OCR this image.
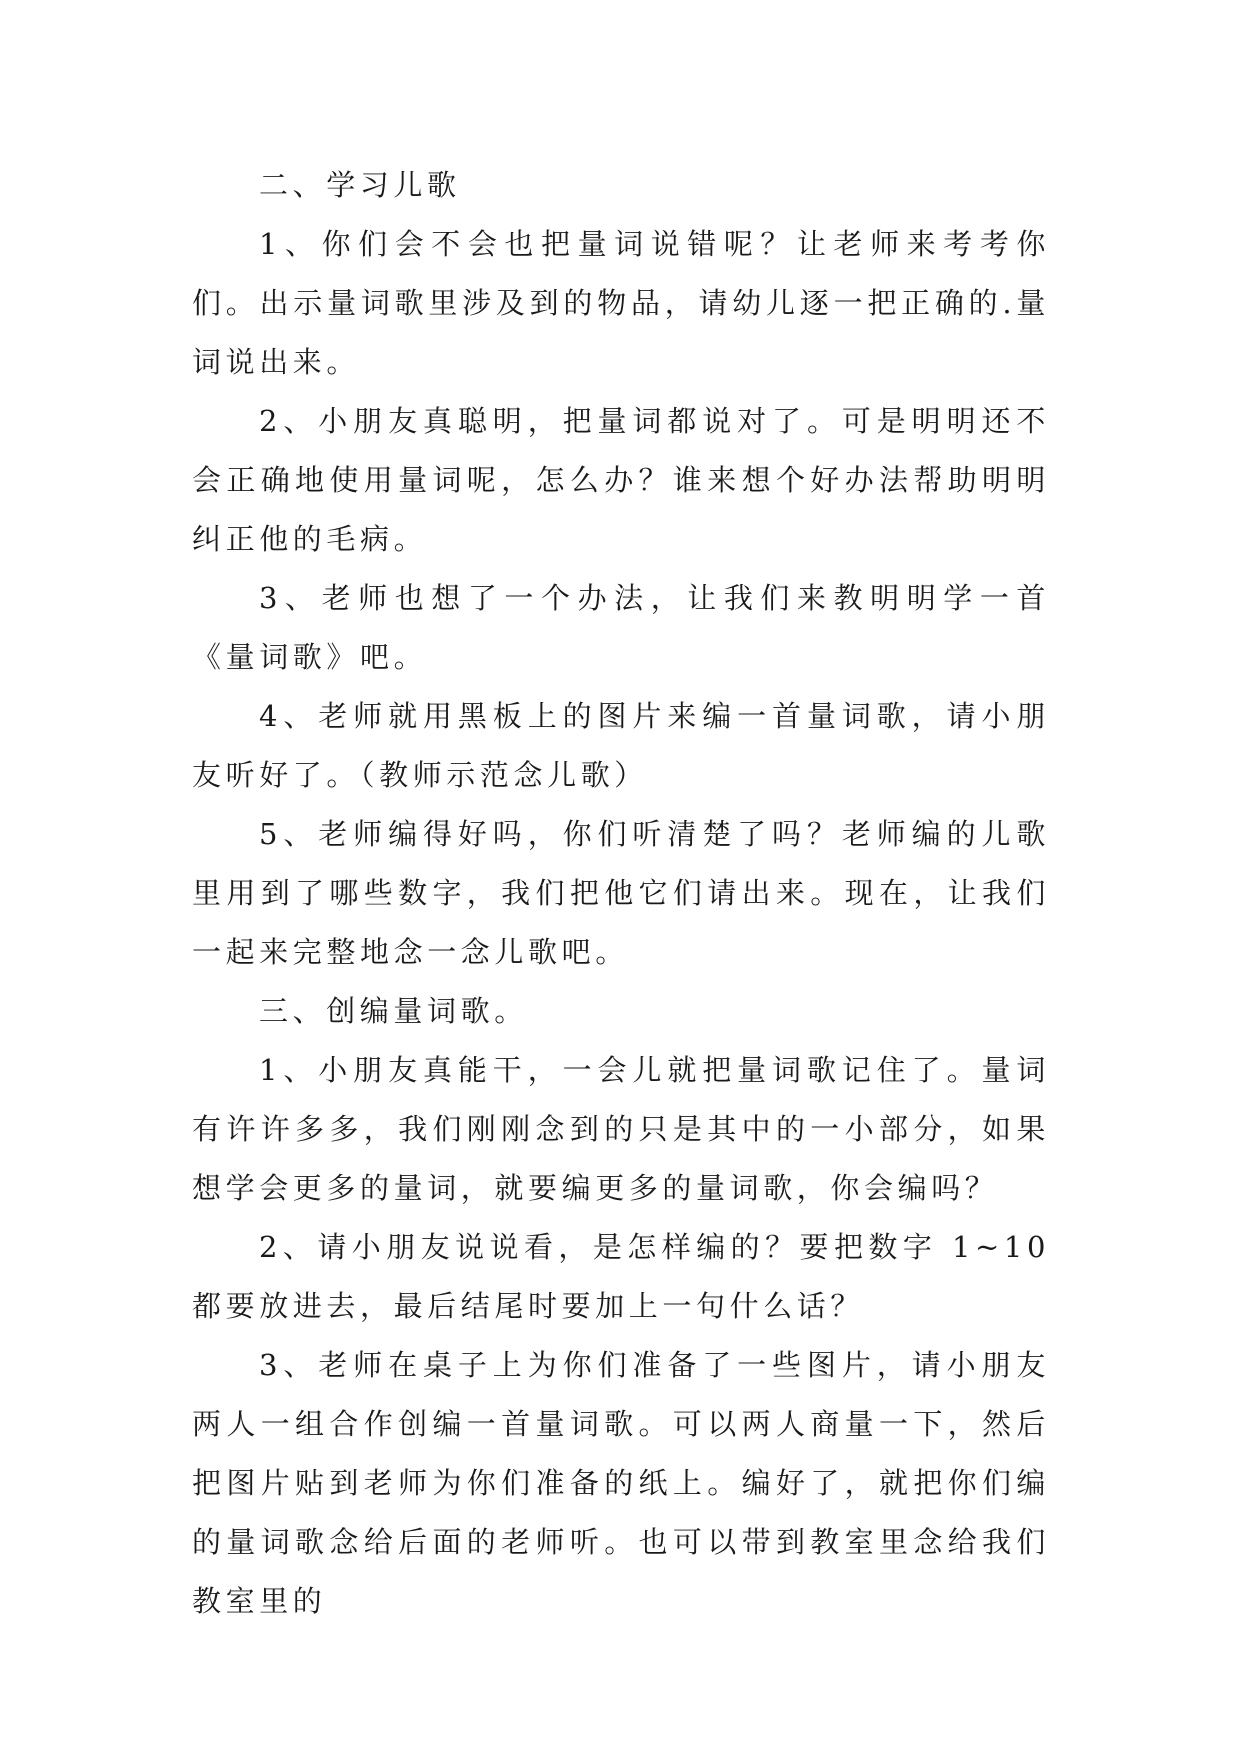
二、学习儿歌

1、你们会不会也把量词说错呢？让老师来考考你们。出示量词歌里涉及到的物品，请幼儿逐一把正确的.量词说出来。

2、小朋友真聪明，把量词都说对了。可是明明还不会正确地使用量词呢，怎么办？谁来想个好办法帮助明明纠正他的毛病。

3、老师也想了一个办法，让我们来教明明学一首《量词歌》吧。

4、老师就用黑板上的图片来编一首量词歌，请小朋友听好了。（教师示范念儿歌）

5、老师编得好吗，你们听清楚了吗？老师编的儿歌里用到了哪些数字，我们把他它们请出来。现在，让我们一起来完整地念一念儿歌吧。

三、创编量词歌。

1、小朋友真能干，一会儿就把量词歌记住了。量词有许许多多，我们刚刚念到的只是其中的一小部分，如果想学会更多的量词，就要编更多的量词歌，你会编吗？

2、请小朋友说说看，是怎样编的？要把数字 1~10 都要放进去，最后结尾时要加上一句什么话？

3、老师在桌子上为你们准备了一些图片，请小朋友两人一组合作创编一首量词歌。可以两人商量一下，然后把图片贴到老师为你们准备的纸上。编好了，就把你们编的量词歌念给后面的老师听。也可以带到教室里念给我们教室里的
